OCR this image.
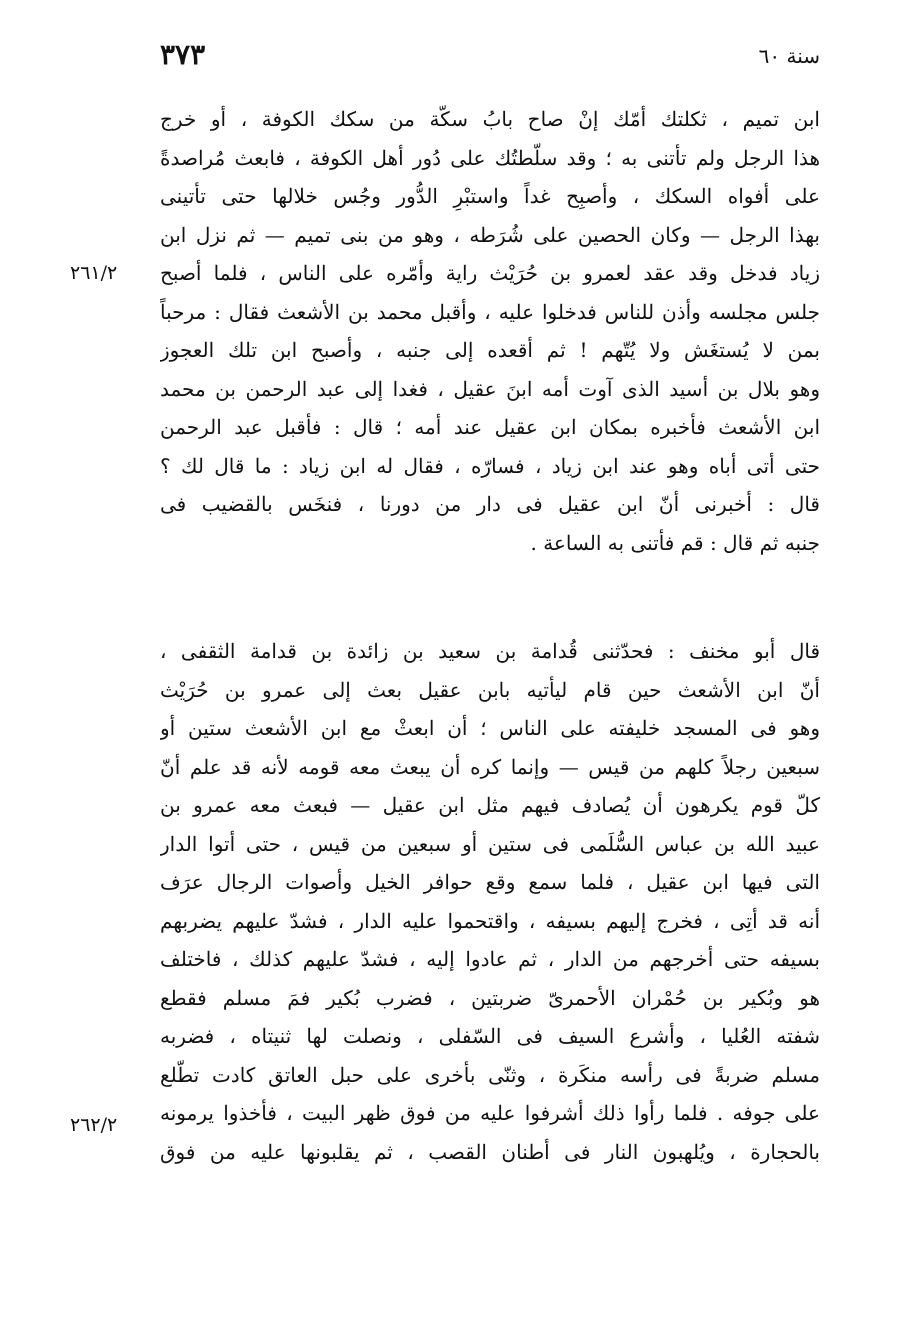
٣٧٣	سنة ٦٠
٢٦١/٢
٢٦٢/٢
ابن تميم ، ثكلتك أمّك إنْ صاح بابُ سكّة من سكك الكوفة ، أو خرج
هذا الرجل ولم تأتنى به ؛ وقد سلّطتُك على دُور أهل الكوفة ، فابعث مُراصدةً
على أفواه السكك ، وأصبِح غداً واستبْرِ الدُّور وجُس خلالها حتى تأتينى
بهذا الرجل — وكان الحصين على شُرَطه ، وهو من بنى تميم — ثم نزل ابن
زياد فدخل وقد عقد لعمرو بن حُرَيْث راية وأمّره على الناس ، فلما أصبح
جلس مجلسه وأذن للناس فدخلوا عليه ، وأقبل محمد بن الأشعث فقال : مرحباً
بمن لا يُستغَش ولا يُتّهم ! ثم أقعده إلى جنبه ، وأصبح ابن تلك العجوز
وهو بلال بن أسيد الذى آوت أمه ابنَ عقيل ، فغدا إلى عبد الرحمن بن محمد
ابن الأشعث فأخبره بمكان ابن عقيل عند أمه ؛ قال : فأقبل عبد الرحمن
حتى أتى أباه وهو عند ابن زياد ، فسارّه ، فقال له ابن زياد : ما قال لك ؟
قال : أخبرنى أنّ ابن عقيل فى دار من دورنا ، فنخَس بالقضيب فى
جنبه ثم قال : قم فأتنى به الساعة .
قال أبو مخنف : فحدّثنى قُدامة بن سعيد بن زائدة بن قدامة الثقفى ،
أنّ ابن الأشعث حين قام ليأتيه بابن عقيل بعث إلى عمرو بن حُرَيْث
وهو فى المسجد خليفته على الناس ؛ أن ابعثْ مع ابن الأشعث ستين أو
سبعين رجلاً كلهم من قيس — وإنما كره أن يبعث معه قومه لأنه قد علم أنّ
كلّ قوم يكرهون أن يُصادف فيهم مثل ابن عقيل — فبعث معه عمرو بن
عبيد الله بن عباس السُّلَمى فى ستين أو سبعين من قيس ، حتى أتوا الدار
التى فيها ابن عقيل ، فلما سمع وقع حوافر الخيل وأصوات الرجال عرَف
أنه قد أتِى ، فخرج إليهم بسيفه ، واقتحموا عليه الدار ، فشدّ عليهم يضربهم
بسيفه حتى أخرجهم من الدار ، ثم عادوا إليه ، فشدّ عليهم كذلك ، فاختلف
هو وبُكير بن حُمْران الأحمرىّ ضربتين ، فضرب بُكير فمَ مسلم فقطع
شفته العُليا ، وأشرع السيف فى السّفلى ، ونصلت لها ثنيتاه ، فضربه
مسلم ضربةً فى رأسه منكَرة ، وثنّى بأخرى على حبل العاتق كادت تطّلع
على جوفه . فلما رأوا ذلك أشرفوا عليه من فوق ظهر البيت ، فأخذوا يرمونه
بالحجارة ، ويُلهبون النار فى أطنان القصب ، ثم يقلبونها عليه من فوق
